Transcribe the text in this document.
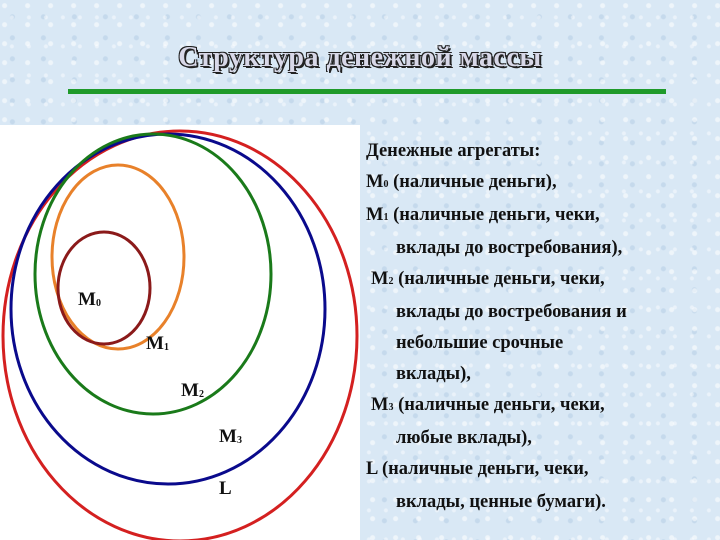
Структура денежной массы
M0
M1
M2
M3
L
Денежные агрегаты:
M0 (наличные деньги),
M1 (наличные деньги, чеки,
вклады до востребования),
M2 (наличные деньги, чеки,
вклады до востребования и
небольшие срочные
вклады),
M3 (наличные деньги, чеки,
любые вклады),
L (наличные деньги, чеки,
вклады, ценные бумаги).
